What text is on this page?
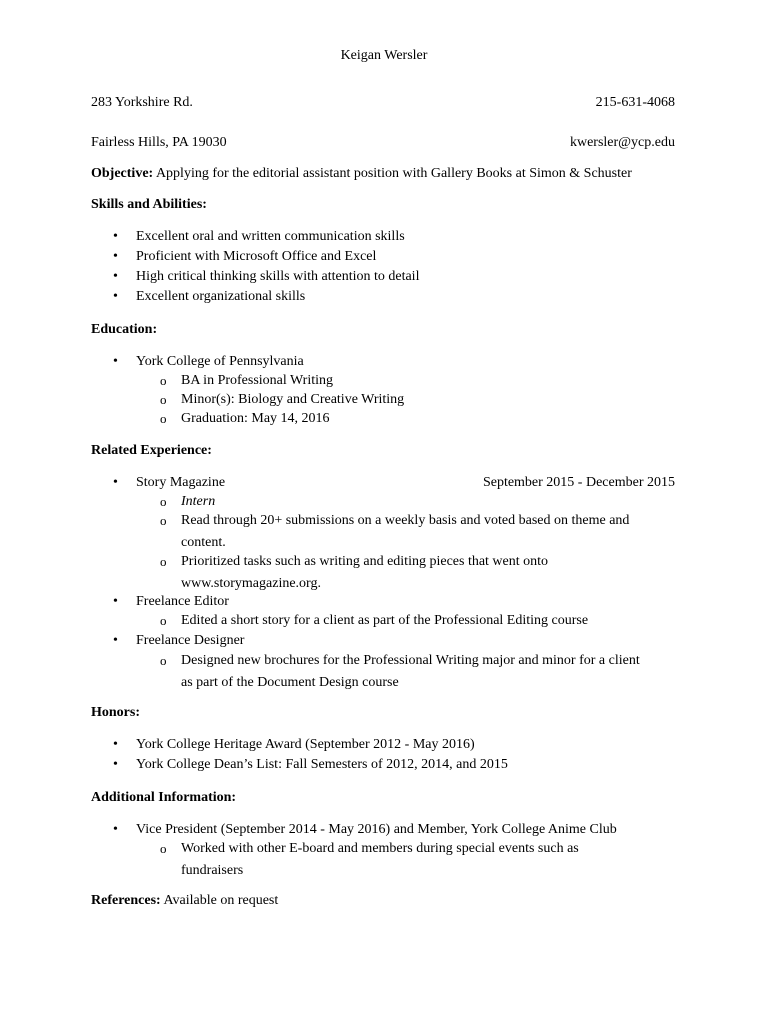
Keigan Wersler
283 Yorkshire Rd.	215-631-4068
Fairless Hills, PA 19030	kwersler@ycp.edu
Objective: Applying for the editorial assistant position with Gallery Books at Simon & Schuster
Skills and Abilities:
•
Excellent oral and written communication skills
•
Proficient with Microsoft Office and Excel
•
High critical thinking skills with attention to detail
•
Excellent organizational skills
Education:
•
York College of Pennsylvania
o BA in Professional Writing
o Minor(s): Biology and Creative Writing
o Graduation: May 14, 2016
Related Experience:
•
Story Magazine	September 2015 - December 2015
o Intern
o Read through 20+ submissions on a weekly basis and voted based on theme and
content.
o Prioritized tasks such as writing and editing pieces that went onto
www.storymagazine.org.
•
Freelance Editor
o Edited a short story for a client as part of the Professional Editing course
•
Freelance Designer
o Designed new brochures for the Professional Writing major and minor for a client
as part of the Document Design course
Honors:
•
York College Heritage Award (September 2012 - May 2016)
•
York College Dean’s List: Fall Semesters of 2012, 2014, and 2015
Additional Information:
•
Vice President (September 2014 - May 2016) and Member, York College Anime Club
o Worked with other E-board and members during special events such as
fundraisers
References: Available on request
